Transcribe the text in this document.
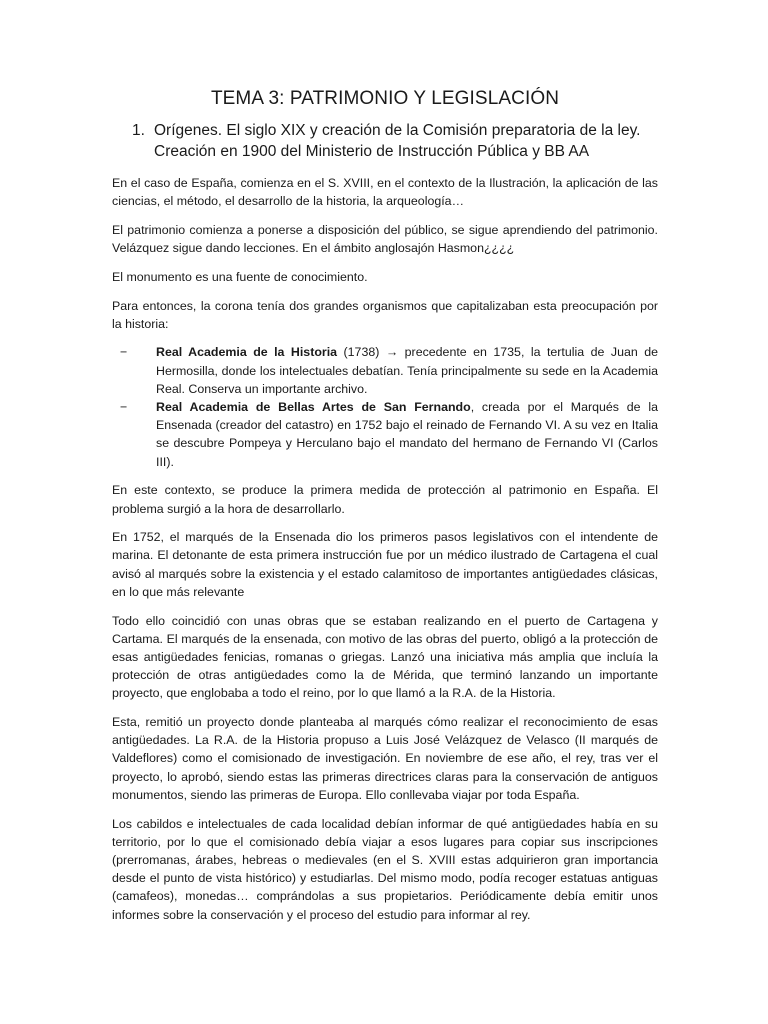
TEMA 3: PATRIMONIO Y LEGISLACIÓN
1. Orígenes. El siglo XIX y creación de la Comisión preparatoria de la ley. Creación en 1900 del Ministerio de Instrucción Pública y BB AA

En el caso de España, comienza en el S. XVIII, en el contexto de la Ilustración, la aplicación de las ciencias, el método, el desarrollo de la historia, la arqueología…

El patrimonio comienza a ponerse a disposición del público, se sigue aprendiendo del patrimonio. Velázquez sigue dando lecciones. En el ámbito anglosajón Hasmon¿¿¿¿

El monumento es una fuente de conocimiento.

Para entonces, la corona tenía dos grandes organismos que capitalizaban esta preocupación por la historia:

−	Real Academia de la Historia (1738) → precedente en 1735, la tertulia de Juan de Hermosilla, donde los intelectuales debatían. Tenía principalmente su sede en la Academia Real. Conserva un importante archivo.
−	Real Academia de Bellas Artes de San Fernando, creada por el Marqués de la Ensenada (creador del catastro) en 1752 bajo el reinado de Fernando VI. A su vez en Italia se descubre Pompeya y Herculano bajo el mandato del hermano de Fernando VI (Carlos III).

En este contexto, se produce la primera medida de protección al patrimonio en España. El problema surgió a la hora de desarrollarlo.

En 1752, el marqués de la Ensenada dio los primeros pasos legislativos con el intendente de marina. El detonante de esta primera instrucción fue por un médico ilustrado de Cartagena el cual avisó al marqués sobre la existencia y el estado calamitoso de importantes antigüedades clásicas, en lo que más relevante

Todo ello coincidió con unas obras que se estaban realizando en el puerto de Cartagena y Cartama. El marqués de la ensenada, con motivo de las obras del puerto, obligó a la protección de esas antigüedades fenicias, romanas o griegas. Lanzó una iniciativa más amplia que incluía la protección de otras antigüedades como la de Mérida, que terminó lanzando un importante proyecto, que englobaba a todo el reino, por lo que llamó a la R.A. de la Historia.

Esta, remitió un proyecto donde planteaba al marqués cómo realizar el reconocimiento de esas antigüedades. La R.A. de la Historia propuso a Luis José Velázquez de Velasco (II marqués de Valdeflores) como el comisionado de investigación. En noviembre de ese año, el rey, tras ver el proyecto, lo aprobó, siendo estas las primeras directrices claras para la conservación de antiguos monumentos, siendo las primeras de Europa. Ello conllevaba viajar por toda España.

Los cabildos e intelectuales de cada localidad debían informar de qué antigüedades había en su territorio, por lo que el comisionado debía viajar a esos lugares para copiar sus inscripciones (prerromanas, árabes, hebreas o medievales (en el S. XVIII estas adquirieron gran importancia desde el punto de vista histórico) y estudiarlas. Del mismo modo, podía recoger estatuas antiguas (camafeos), monedas… comprándolas a sus propietarios. Periódicamente debía emitir unos informes sobre la conservación y el proceso del estudio para informar al rey.
